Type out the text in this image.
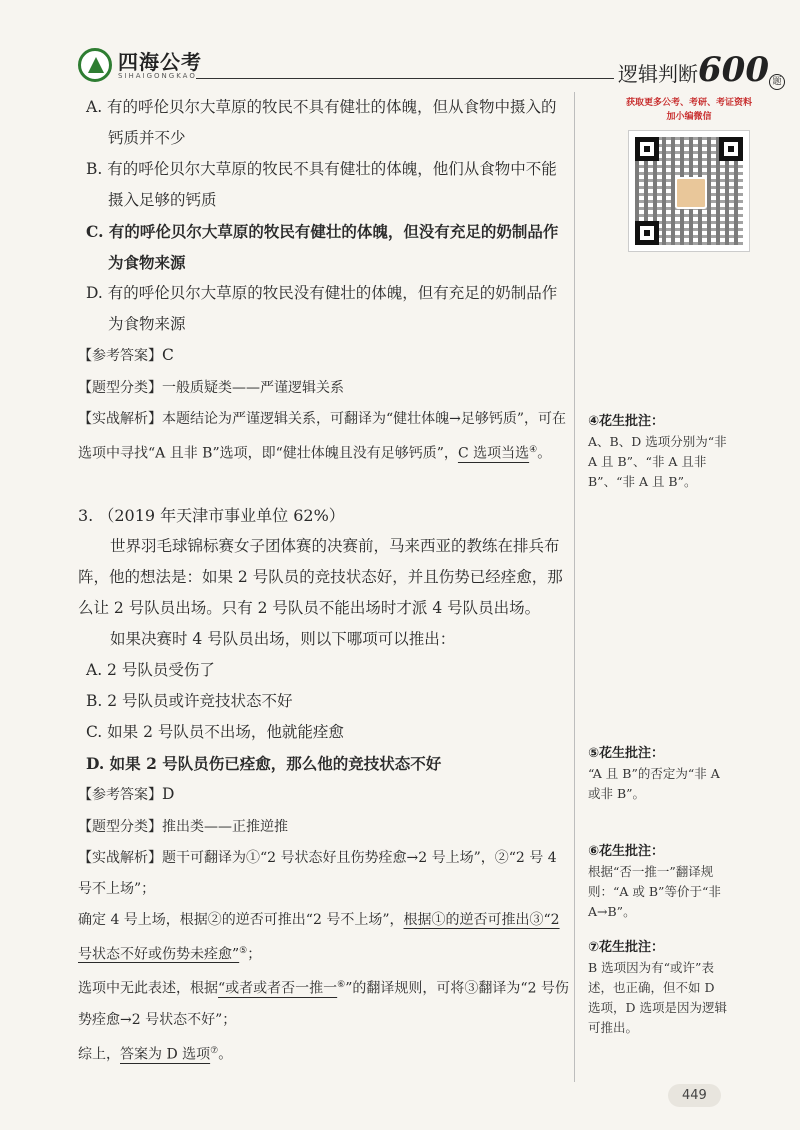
四海公考
SIHAIGONGKAO	逻辑判断600 题
A. 有的呼伦贝尔大草原的牧民不具有健壮的体魄，但从食物中摄入的钙质并不少
B. 有的呼伦贝尔大草原的牧民不具有健壮的体魄，他们从食物中不能摄入足够的钙质
C. 有的呼伦贝尔大草原的牧民有健壮的体魄，但没有充足的奶制品作为食物来源
D. 有的呼伦贝尔大草原的牧民没有健壮的体魄，但有充足的奶制品作为食物来源
【参考答案】C
【题型分类】一般质疑类——严谨逻辑关系
【实战解析】本题结论为严谨逻辑关系，可翻译为“健壮体魄→足够钙质”，可在选项中寻找“A 且非 B”选项，即“健壮体魄且没有足够钙质”，C 选项当选④。
3. （2019 年天津市事业单位 62%）
世界羽毛球锦标赛女子团体赛的决赛前，马来西亚的教练在排兵布阵，他的想法是：如果 2 号队员的竞技状态好，并且伤势已经痊愈，那么让 2 号队员出场。只有 2 号队员不能出场时才派 4 号队员出场。
如果决赛时 4 号队员出场，则以下哪项可以推出：
A. 2 号队员受伤了
B. 2 号队员或许竞技状态不好
C. 如果 2 号队员不出场，他就能痊愈
D. 如果 2 号队员伤已痊愈，那么他的竞技状态不好
【参考答案】D
【题型分类】推出类——正推逆推
【实战解析】题干可翻译为①“2 号状态好且伤势痊愈→2 号上场”，②“2 号 4 号不上场”；
确定 4 号上场，根据②的逆否可推出“2 号不上场”，根据①的逆否可推出③“2 号状态不好或伤势未痊愈”⑤；
选项中无此表述，根据“或者或者否一推一⑥”的翻译规则，可将③翻译为“2 号伤势痊愈→2 号状态不好”；
综上，答案为 D 选项⑦。
获取更多公考、考研、考证资料
加小编微信
④花生批注：
A、B、D 选项分别为“非 A 且 B”、“非 A 且非 B”、“非 A 且 B”。
⑤花生批注：
“A 且 B”的否定为“非 A 或非 B”。
⑥花生批注：
根据“否一推一”翻译规则：“A 或 B”等价于“非 A→B”。
⑦花生批注：
B 选项因为有“或许”表述，也正确，但不如 D 选项，D 选项是因为逻辑可推出。
449
